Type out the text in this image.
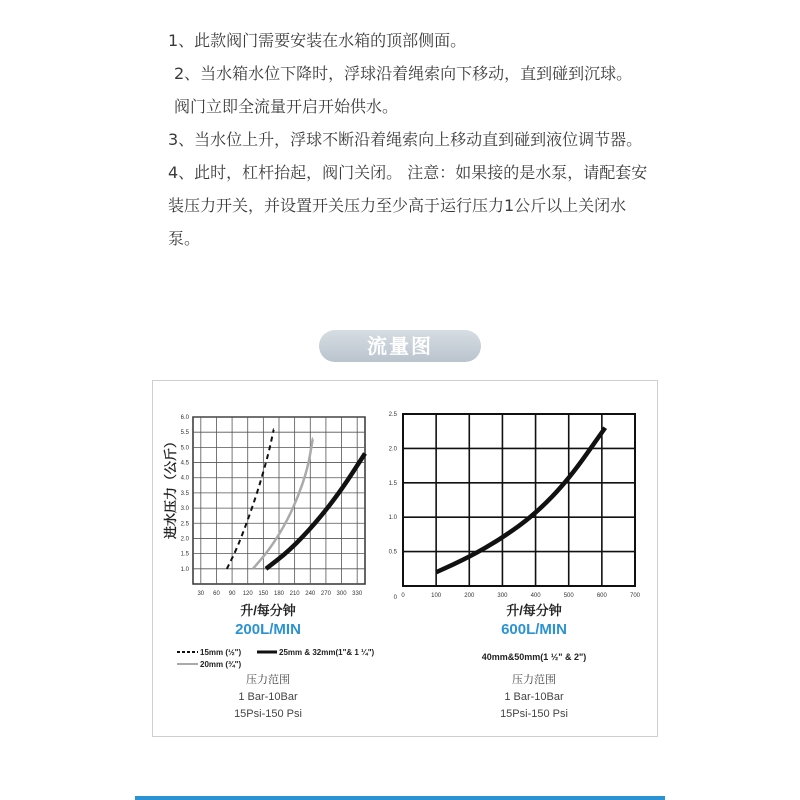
1、此款阀门需要安装在水箱的顶部侧面。

2、当水箱水位下降时，浮球沿着绳索向下移动，直到碰到沉球。阀门立即全流量开启开始供水。

3、当水位上升，浮球不断沿着绳索向上移动直到碰到液位调节器。

4、此时，杠杆抬起，阀门关闭。 注意：如果接的是水泵，请配套安装压力开关，并设置开关压力至少高于运行压力1公斤以上关闭水泵。

流量图
30 60 90 120 150 180 210 240 270 300 330
1.0
1.5
2.0
2.5
3.0
3.5
4.0
4.5
5.0
5.5
6.0
进水压力（公斤）
升/每分钟
200L/MIN
15mm (½")	25mm & 32mm(1"& 1 ¼")
20mm (¾")
压力范围
1 Bar-10Bar
15Psi-150 Psi
0	100	200	300	400	500	600	700
0
0.5
1.0
1.5
2.0
2.5
升/每分钟
600L/MIN
40mm&50mm(1 ½" & 2")
压力范围
1 Bar-10Bar
15Psi-150 Psi
